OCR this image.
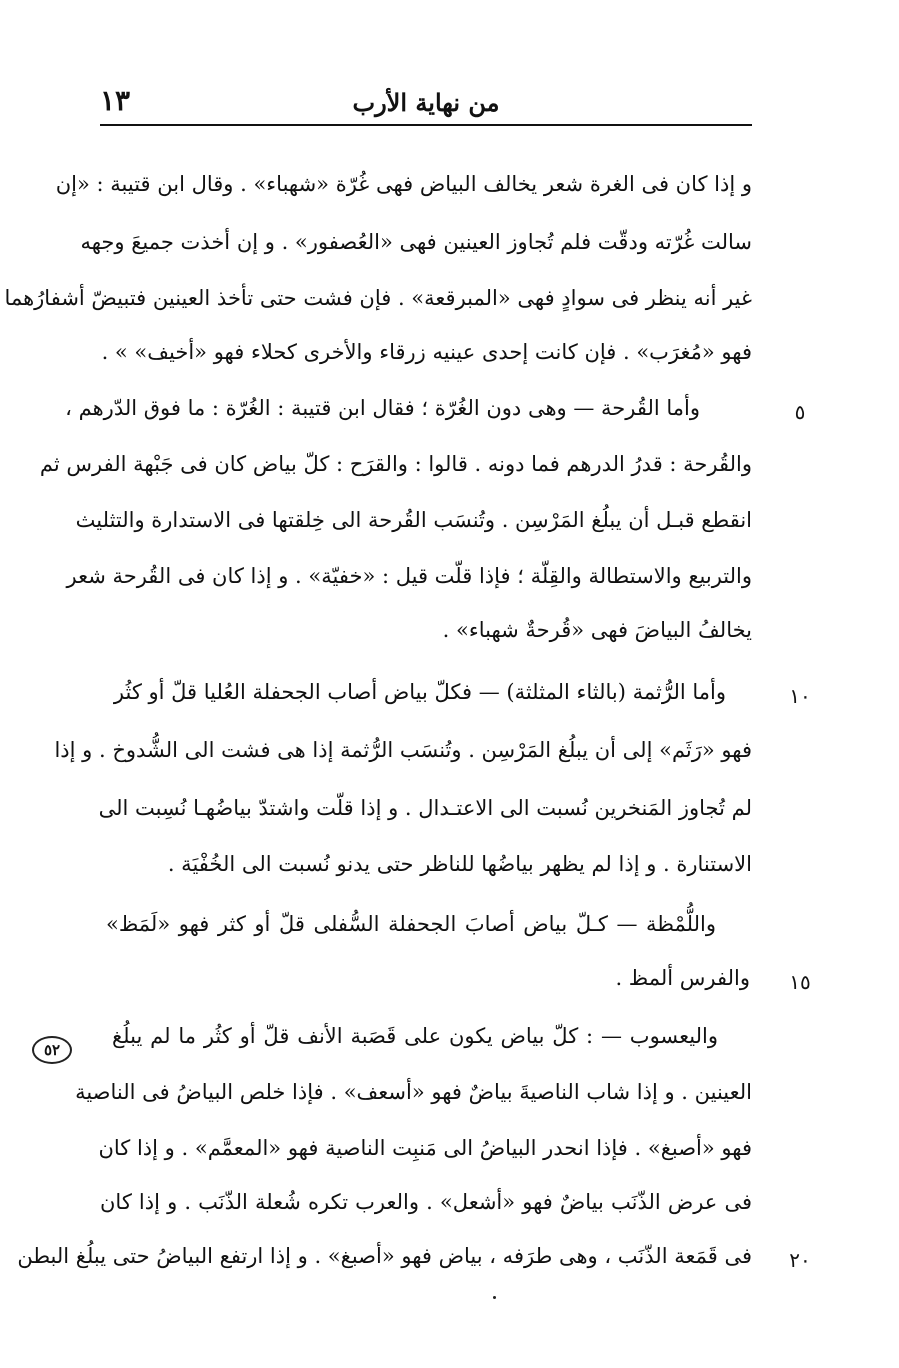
١٣	من نهاية الأرب
و إذا كان فى الغرة شعر يخالف البياض فهى غُرّة «شهباء» . وقال ابن قتيبة : «إن
سالت غُرّته ودقّت فلم تُجاوز العينين فهى «العُصفور» . و إن أخذت جميعَ وجهه
غير أنه ينظر فى سوادٍ فهى «المبرقعة» . فإن فشت حتى تأخذ العينين فتبيضّ أشفارُهما
فهو «مُغرَب» . فإن كانت إحدى عينيه زرقاء والأخرى كحلاء فهو «أخيف» » .
وأما القُرحة — وهى دون الغُرّة ؛ فقال ابن قتيبة : الغُرّة : ما فوق الدّرهم ،
والقُرحة : قدرُ الدرهم فما دونه . قالوا : والقرَح : كلّ بياض كان فى جَبْهة الفرس ثم
انقطع قبـل أن يبلُغ المَرْسِن . وتُنسَب القُرحة الى خِلقتها فى الاستدارة والتثليث
والتربيع والاستطالة والقِلّة ؛ فإذا قلّت قيل : «خفيّة» . و إذا كان فى القُرحة شعر
يخالفُ البياضَ فهى «قُرحةٌ شهباء» .
وأما الرُّثمة (بالثاء المثلثة) — فكلّ بياض أصاب الجحفلة العُليا قلّ أو كثُر
فهو «رَثَم» إلى أن يبلُغ المَرْسِن . وتُنسَب الرُّثمة إذا هى فشت الى الشُّدوخ . و إذا
لم تُجاوز المَنخرين نُسبت الى الاعتـدال . و إذا قلّت واشتدّ بياضُهـا نُسِبت الى
الاستنارة . و إذا لم يظهر بياضُها للناظر حتى يدنو نُسبت الى الخُفْيَة .
واللُّمْظة — كـلّ بياض أصابَ الجحفلة السُّفلى قلّ أو كثر فهو «لَمَظ»
والفرس ألمظ .
واليعسوب — : كلّ بياض يكون على قَصَبة الأنف قلّ أو كثُر ما لم يبلُغ
العينين . و إذا شاب الناصيةَ بياضٌ فهو «أسعف» . فإذا خلص البياضُ فى الناصية
فهو «أصبغ» . فإذا انحدر البياضُ الى مَنبِت الناصية فهو «المعمَّم» . و إذا كان
فى عرض الذّنَب بياضٌ فهو «أشعل» . والعرب تكره شُعلة الذّنَب . و إذا كان
فى قَمَعة الذّنَب ، وهى طرَفه ، بياض فهو «أصبغ» . و إذا ارتفع البياضُ حتى يبلُغ البطن
٥
١٠
١٥
٢٠
٥٢
